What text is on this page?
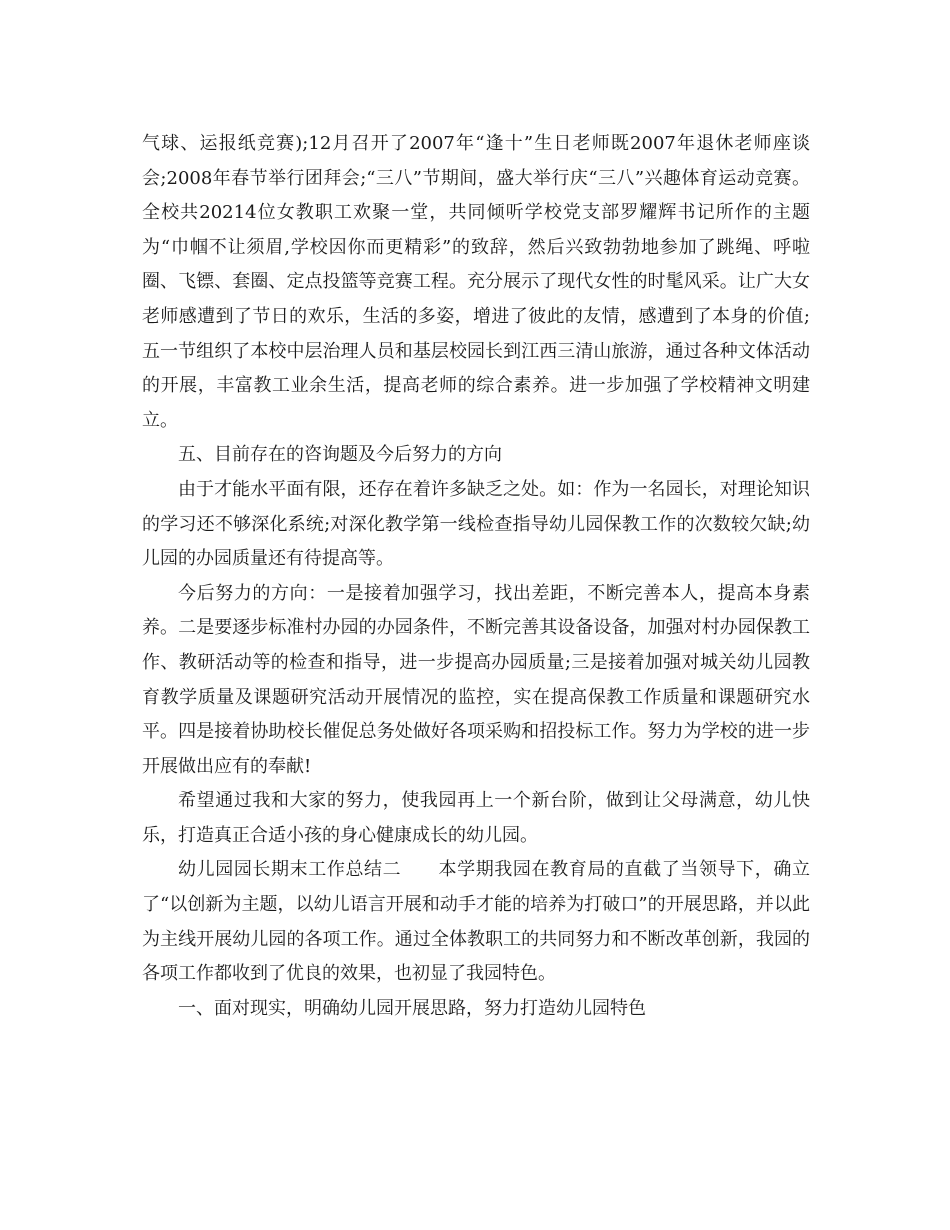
气球、运报纸竞赛);12月召开了2007年“逢十”生日老师既2007年退休老师座谈会;2008年春节举行团拜会;“三八”节期间，盛大举行庆“三八”兴趣体育运动竞赛。全校共20214位女教职工欢聚一堂，共同倾听学校党支部罗耀辉书记所作的主题为“巾帼不让须眉,学校因你而更精彩”的致辞，然后兴致勃勃地参加了跳绳、呼啦圈、飞镖、套圈、定点投篮等竞赛工程。充分展示了现代女性的时髦风采。让广大女老师感遭到了节日的欢乐，生活的多姿，增进了彼此的友情，感遭到了本身的价值;五一节组织了本校中层治理人员和基层校园长到江西三清山旅游，通过各种文体活动的开展，丰富教工业余生活，提高老师的综合素养。进一步加强了学校精神文明建立。

五、目前存在的咨询题及今后努力的方向

由于才能水平面有限，还存在着许多缺乏之处。如：作为一名园长，对理论知识的学习还不够深化系统;对深化教学第一线检查指导幼儿园保教工作的次数较欠缺;幼儿园的办园质量还有待提高等。

今后努力的方向：一是接着加强学习，找出差距，不断完善本人，提高本身素养。二是要逐步标准村办园的办园条件，不断完善其设备设备，加强对村办园保教工作、教研活动等的检查和指导，进一步提高办园质量;三是接着加强对城关幼儿园教育教学质量及课题研究活动开展情况的监控，实在提高保教工作质量和课题研究水平。四是接着协助校长催促总务处做好各项采购和招投标工作。努力为学校的进一步开展做出应有的奉献!

希望通过我和大家的努力，使我园再上一个新台阶，做到让父母满意，幼儿快乐，打造真正合适小孩的身心健康成长的幼儿园。

幼儿园园长期末工作总结二　　本学期我园在教育局的直截了当领导下，确立了“以创新为主题，以幼儿语言开展和动手才能的培养为打破口”的开展思路，并以此为主线开展幼儿园的各项工作。通过全体教职工的共同努力和不断改革创新，我园的各项工作都收到了优良的效果，也初显了我园特色。

一、面对现实，明确幼儿园开展思路，努力打造幼儿园特色
